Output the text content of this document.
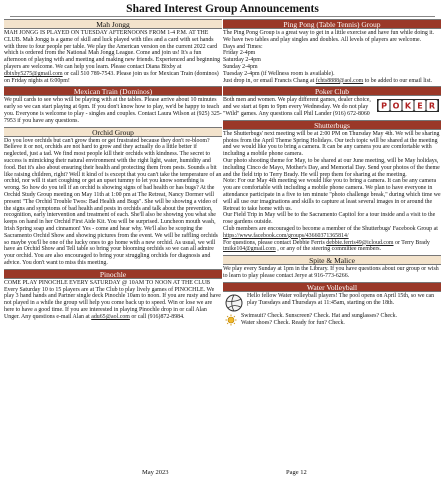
Shared Interest Group Announcements
Mah Jongg
MAH JONGG IS PLAYED ON TUESDAY AFTERNOONS FROM 1-4 P.M. AT THE CLUB. Mah Jongg is a game of skill and luck played with tiles and a card with set hands with three to four people per table. We play the American version on the current 2022 card which is ordered from the National Mah Jongg League. Come and join us! It's a fun afternoon of playing with and meeting and making new friends. Experienced and beginning players are welcome. We can help you learn. Please contact Diana Bixby at dbixby5275@gmail.com or call 510 789-7543. Please join us for Mexican Train (dominos) on Friday nights at 6:00pm!
Mexican Train (Dominos)
We pull cards to see who will be playing with at the tables. Please arrive about 10 minutes early so we can start playing at 6pm. If you don't know how to play, we'd be happy to teach you. Everyone is welcome to play - singles and couples. Contact Laura Wilson at (925) 325-7953 if you have any questions.
Orchid Group
Do you love orchids but can't grow them or get frustrated because they don't re-bloom? Believe it or not, orchids are not hard to grow and they actually do a little better if neglected, just a tad. We find most people kill their orchids with kindness. The secret to success is mimicking their natural environment with the right light, water, humidity and food. But it's also about ensuring their health and protecting them from pests. Sounds a bit like raising children, right? Well it kind of is except that you can't take the temperature of an orchid, nor will it start coughing or get an upset tummy to let you know something is wrong. So how do you tell if an orchid is showing signs of bad health or has bugs? At the Orchid Study Group meeting on May 11th at 1:00 pm at The Retreat, Nancy Dormer will present "The Orchid Trouble Twos: Bad Health and Bugs". She will be showing a video of the signs and symptoms of bad health and pests in orchids and talk about the prevention, recognition, early intervention and treatment of each. She'll also be showing you what she keeps on hand in her Orchid First Aide Kit. You will be surprised. Luncheon mouth wash, Irish Spring soap and cinnamon! Yes - come and hear why. We'll also be scoping the Sacramento Orchid Show and showing pictures from the event. We will be raffling orchids so maybe you'll be one of the lucky ones to go home with a new orchid. As usual, we will have an Orchid Show and Tell table so bring your blooming orchids so we can all admire your orchid. You are also encouraged to bring your struggling orchids for diagnosis and advice. You don't want to miss this meeting.
Pinochle

COME PLAY PINOCHLE EVERY SATURDAY @ 10AM TO NOON AT THE CLUB

Every Saturday 10 to 15 players are at The Club to play lively games of PINOCHLE. We play 3 hand hands and Partner single deck Pinochle 10am to noon. If you are rusty and have not played in a while the group will help you come back up to speed. Win or lose we are here to have a good time. If you are interested in playing Pinochle drop in or call Alan Unger. Any questions e-mail Alan at adu65@aol.com or call (916)872-8984.

Ping Pong (Table Tennis) Group

The Ping Pong Group is a great way to get in a little exercise and have fun while doing it. We have two tables and play singles and doubles. All levels of players are welcome.

Days and Times:

Friday 2-4pm

Saturday 2-4pm

Sunday 2-4pm

Tuesday 2-4pm (if Wellness room is available).

Just drop in, or email Francis Chang at fchts8888@aol.com to be added to our email list.

Poker Club
P O K E R
Both men and women. We play different games, dealer choice, and we start at 6pm to 9pm every Wednesday. We do not play "Wild" games. Any questions call Phil Lander (916) 672-8060
Shutterbugs

The Shutterbugs' next meeting will be at 2:00 PM on Thursday May 4th. We will be sharing photos from the April Theme Spring Holidays. Our tech topic will be shared at the meeting and we would like you to bring a camera. It can be any camera you are comfortable with including a mobile phone camera.

Our photo shooting theme for May, to be shared at our June meeting, will be May holidays, including Cinco de Mayo, Mother's Day, and Memorial Day. Send your photos of the theme and the field trip to Terry Brady. He will prep them for sharing at the meeting.

Note: For our May 4th meeting we would like you to bring a camera. It can be any camera you are comfortable with including a mobile phone camera. We plan to have everyone in attendance participate in a five to ten minute "photo challenge break," during which time we will all use our imaginations and skills to capture at least several images in or around the Retreat to take home with us.

Our Field Trip in May will be to the Sacramento Capitol for a tour inside and a visit to the rose gardens outside.

Club members are encouraged to become a member of the Shutterbugs' Facebook Group at https://www.facebook.com/groups/43660371365814/

For questions, please contact Debbie Ferris debbie.ferris49@icloud.com or Terry Brady tmike104@gmail.com , or any of the steering committee members.

Spite & Malice
We play every Sunday at 1pm in the Library. If you have questions about our group or wish to learn to play please contact Jerye at 916-773-6266.
Water Volleyball
Hello fellow Water volleyball players! The pool opens on April 15th, so we can play Tuesdays and Thursdays at 11:45am, starting on the 18th.

Swimsuit? Check. Sunscreen? Check. Hat and sunglasses? Check.

Water shoes? Check. Ready for fun? Check.

May 2023	Page 12
